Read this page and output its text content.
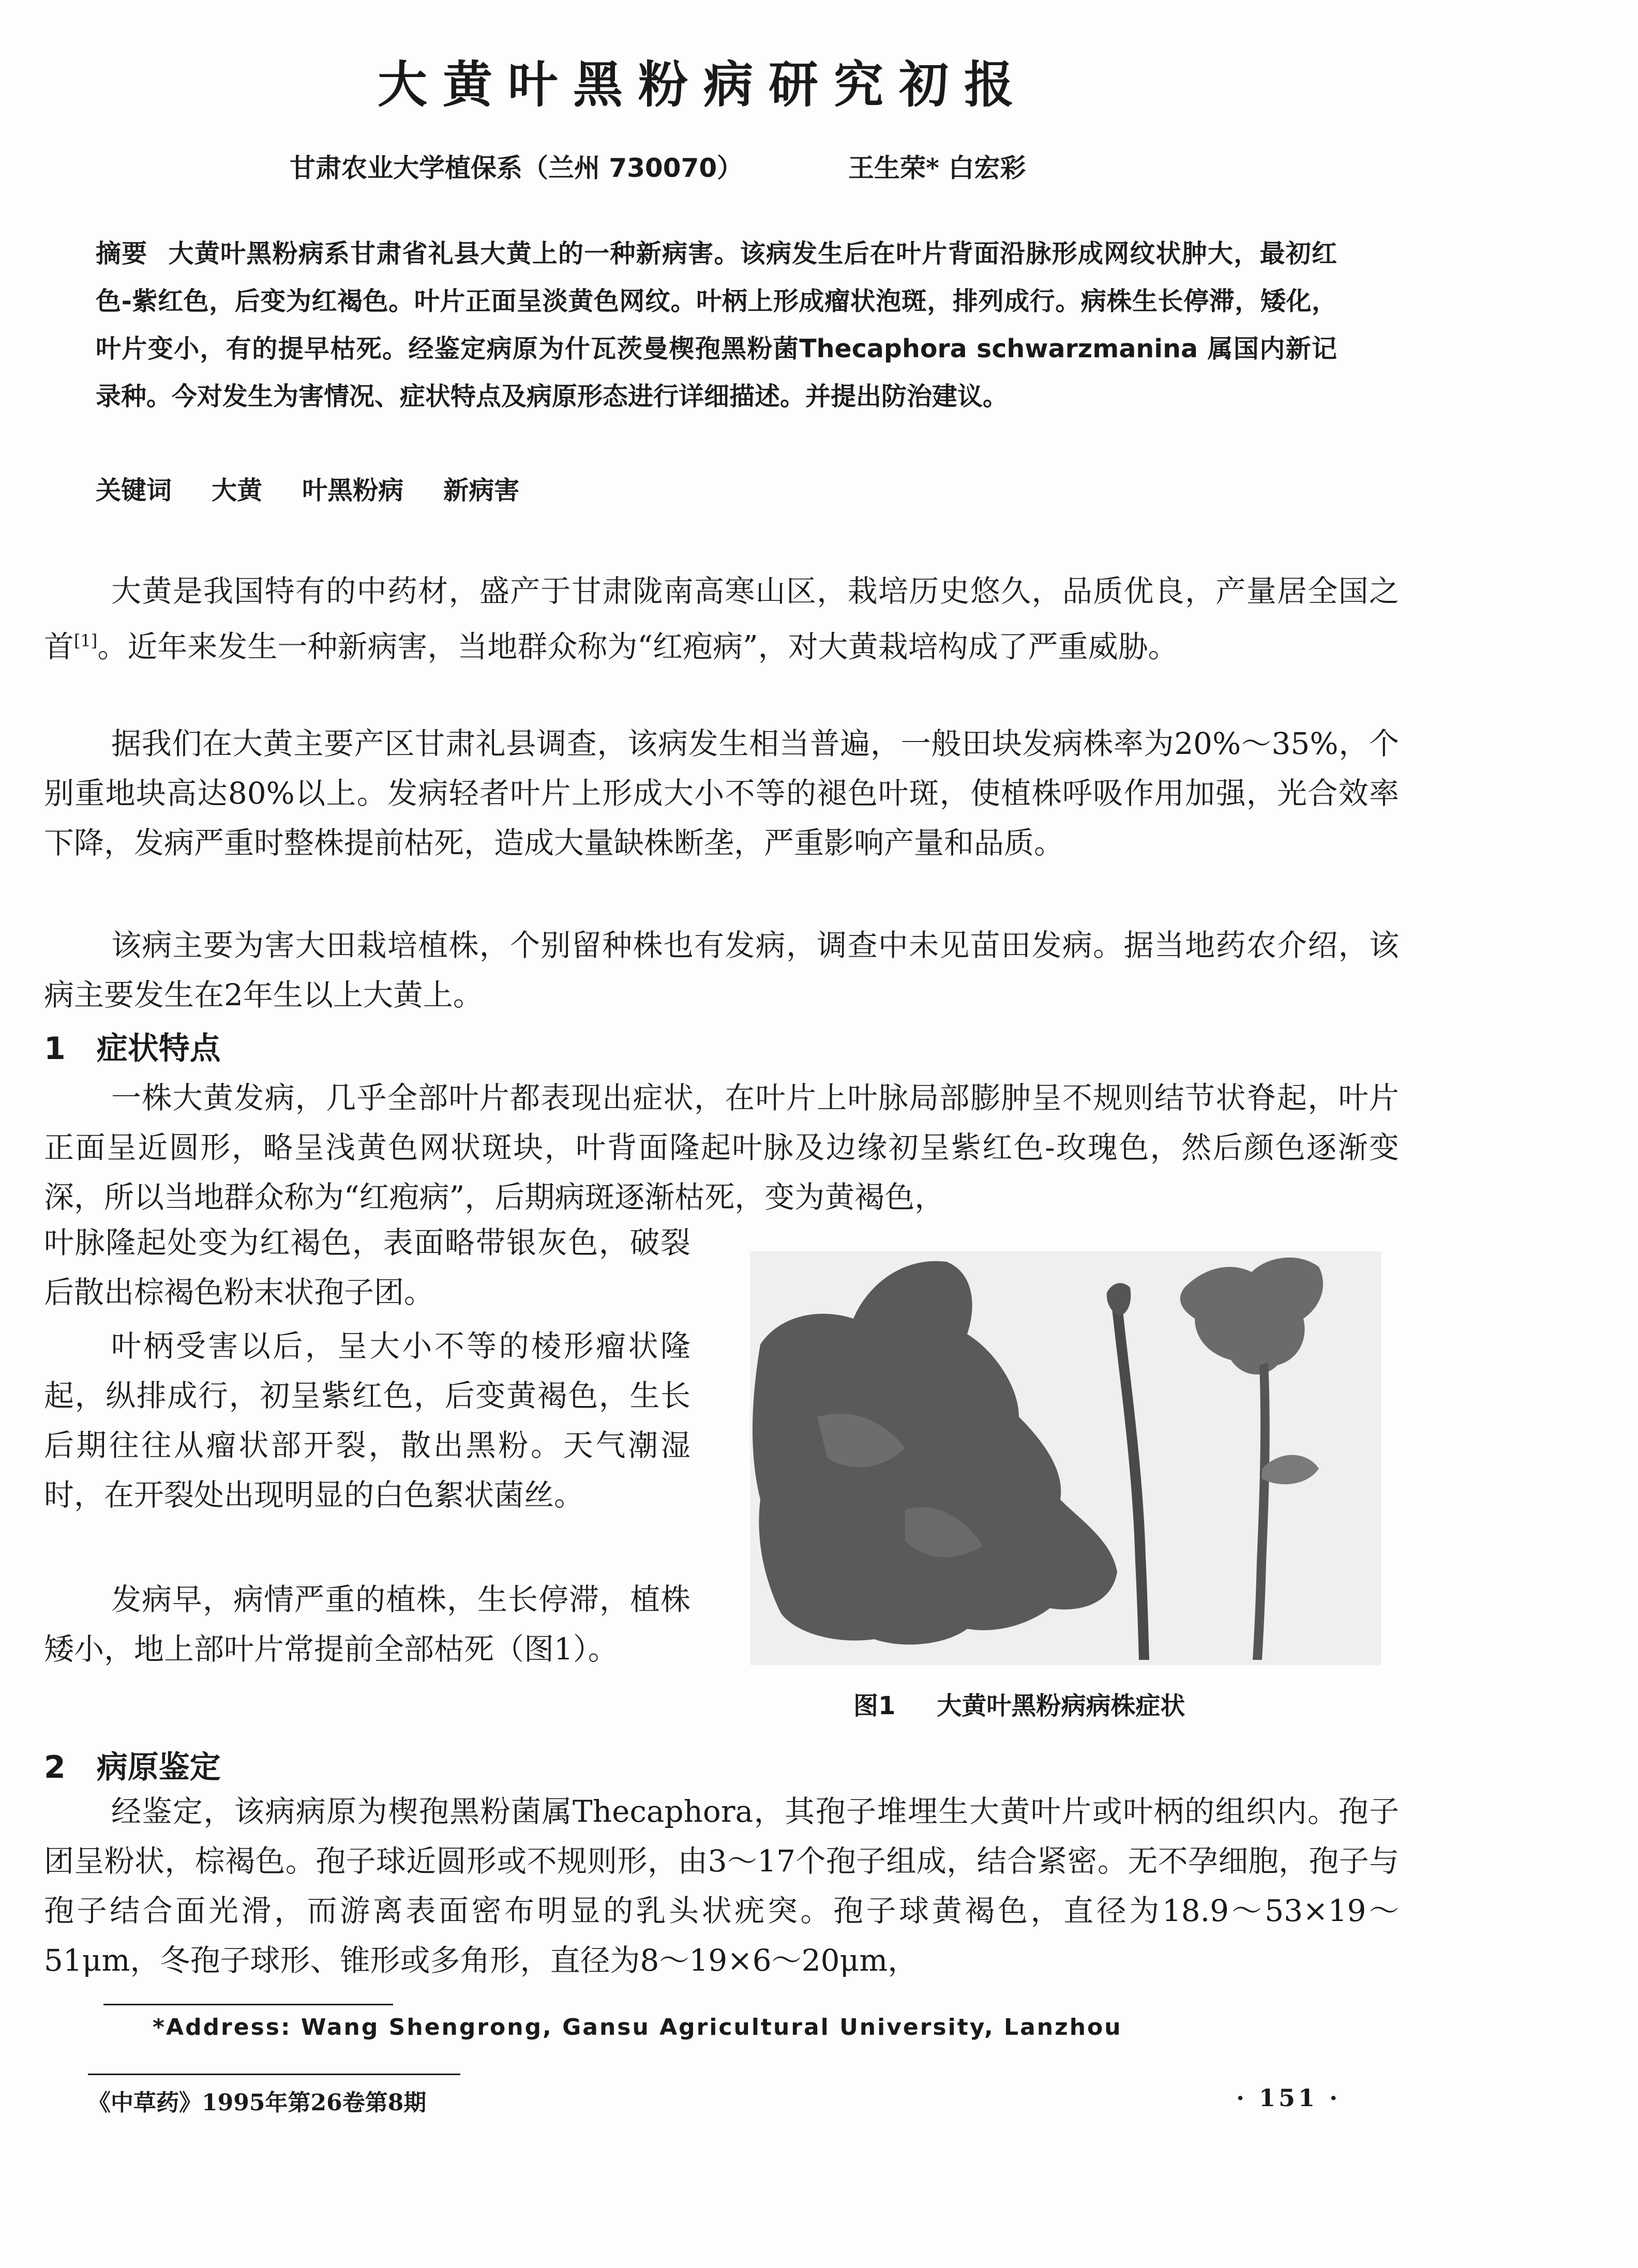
大黄叶黑粉病研究初报
甘肃农业大学植保系（兰州 730070）	王生荣* 白宏彩
摘要 大黄叶黑粉病系甘肃省礼县大黄上的一种新病害。该病发生后在叶片背面沿脉形成网纹状肿大，最初红色-紫红色，后变为红褐色。叶片正面呈淡黄色网纹。叶柄上形成瘤状泡斑，排列成行。病株生长停滞，矮化，叶片变小，有的提早枯死。经鉴定病原为什瓦茨曼楔孢黑粉菌Thecaphora schwarzmanina 属国内新记录种。今对发生为害情况、症状特点及病原形态进行详细描述。并提出防治建议。
关键词 大黄 叶黑粉病 新病害
大黄是我国特有的中药材，盛产于甘肃陇南高寒山区，栽培历史悠久，品质优良，产量居全国之首[1]。近年来发生一种新病害，当地群众称为“红疱病”，对大黄栽培构成了严重威胁。
据我们在大黄主要产区甘肃礼县调查，该病发生相当普遍，一般田块发病株率为20%～35%，个别重地块高达80%以上。发病轻者叶片上形成大小不等的褪色叶斑，使植株呼吸作用加强，光合效率下降，发病严重时整株提前枯死，造成大量缺株断垄，严重影响产量和品质。
该病主要为害大田栽培植株，个别留种株也有发病，调查中未见苗田发病。据当地药农介绍，该病主要发生在2年生以上大黄上。
1　症状特点
一株大黄发病，几乎全部叶片都表现出症状，在叶片上叶脉局部膨肿呈不规则结节状脊起，叶片正面呈近圆形，略呈浅黄色网状斑块，叶背面隆起叶脉及边缘初呈紫红色-玫瑰色，然后颜色逐渐变深，所以当地群众称为“红疱病”，后期病斑逐渐枯死，变为黄褐色，
叶脉隆起处变为红褐色，表面略带银灰色，破裂后散出棕褐色粉末状孢子团。
叶柄受害以后，呈大小不等的棱形瘤状隆起，纵排成行，初呈紫红色，后变黄褐色，生长后期往往从瘤状部开裂，散出黑粉。天气潮湿时，在开裂处出现明显的白色絮状菌丝。
发病早，病情严重的植株，生长停滞，植株矮小，地上部叶片常提前全部枯死（图1）。
图1 大黄叶黑粉病病株症状
2　病原鉴定
经鉴定，该病病原为楔孢黑粉菌属Thecaphora，其孢子堆埋生大黄叶片或叶柄的组织内。孢子团呈粉状，棕褐色。孢子球近圆形或不规则形，由3～17个孢子组成，结合紧密。无不孕细胞，孢子与孢子结合面光滑，而游离表面密布明显的乳头状疣突。孢子球黄褐色，直径为18.9～53×19～51μm，冬孢子球形、锥形或多角形，直径为8～19×6～20μm，
*Address: Wang Shengrong, Gansu Agricultural University, Lanzhou
《中草药》1995年第26卷第8期	· 151 ·
